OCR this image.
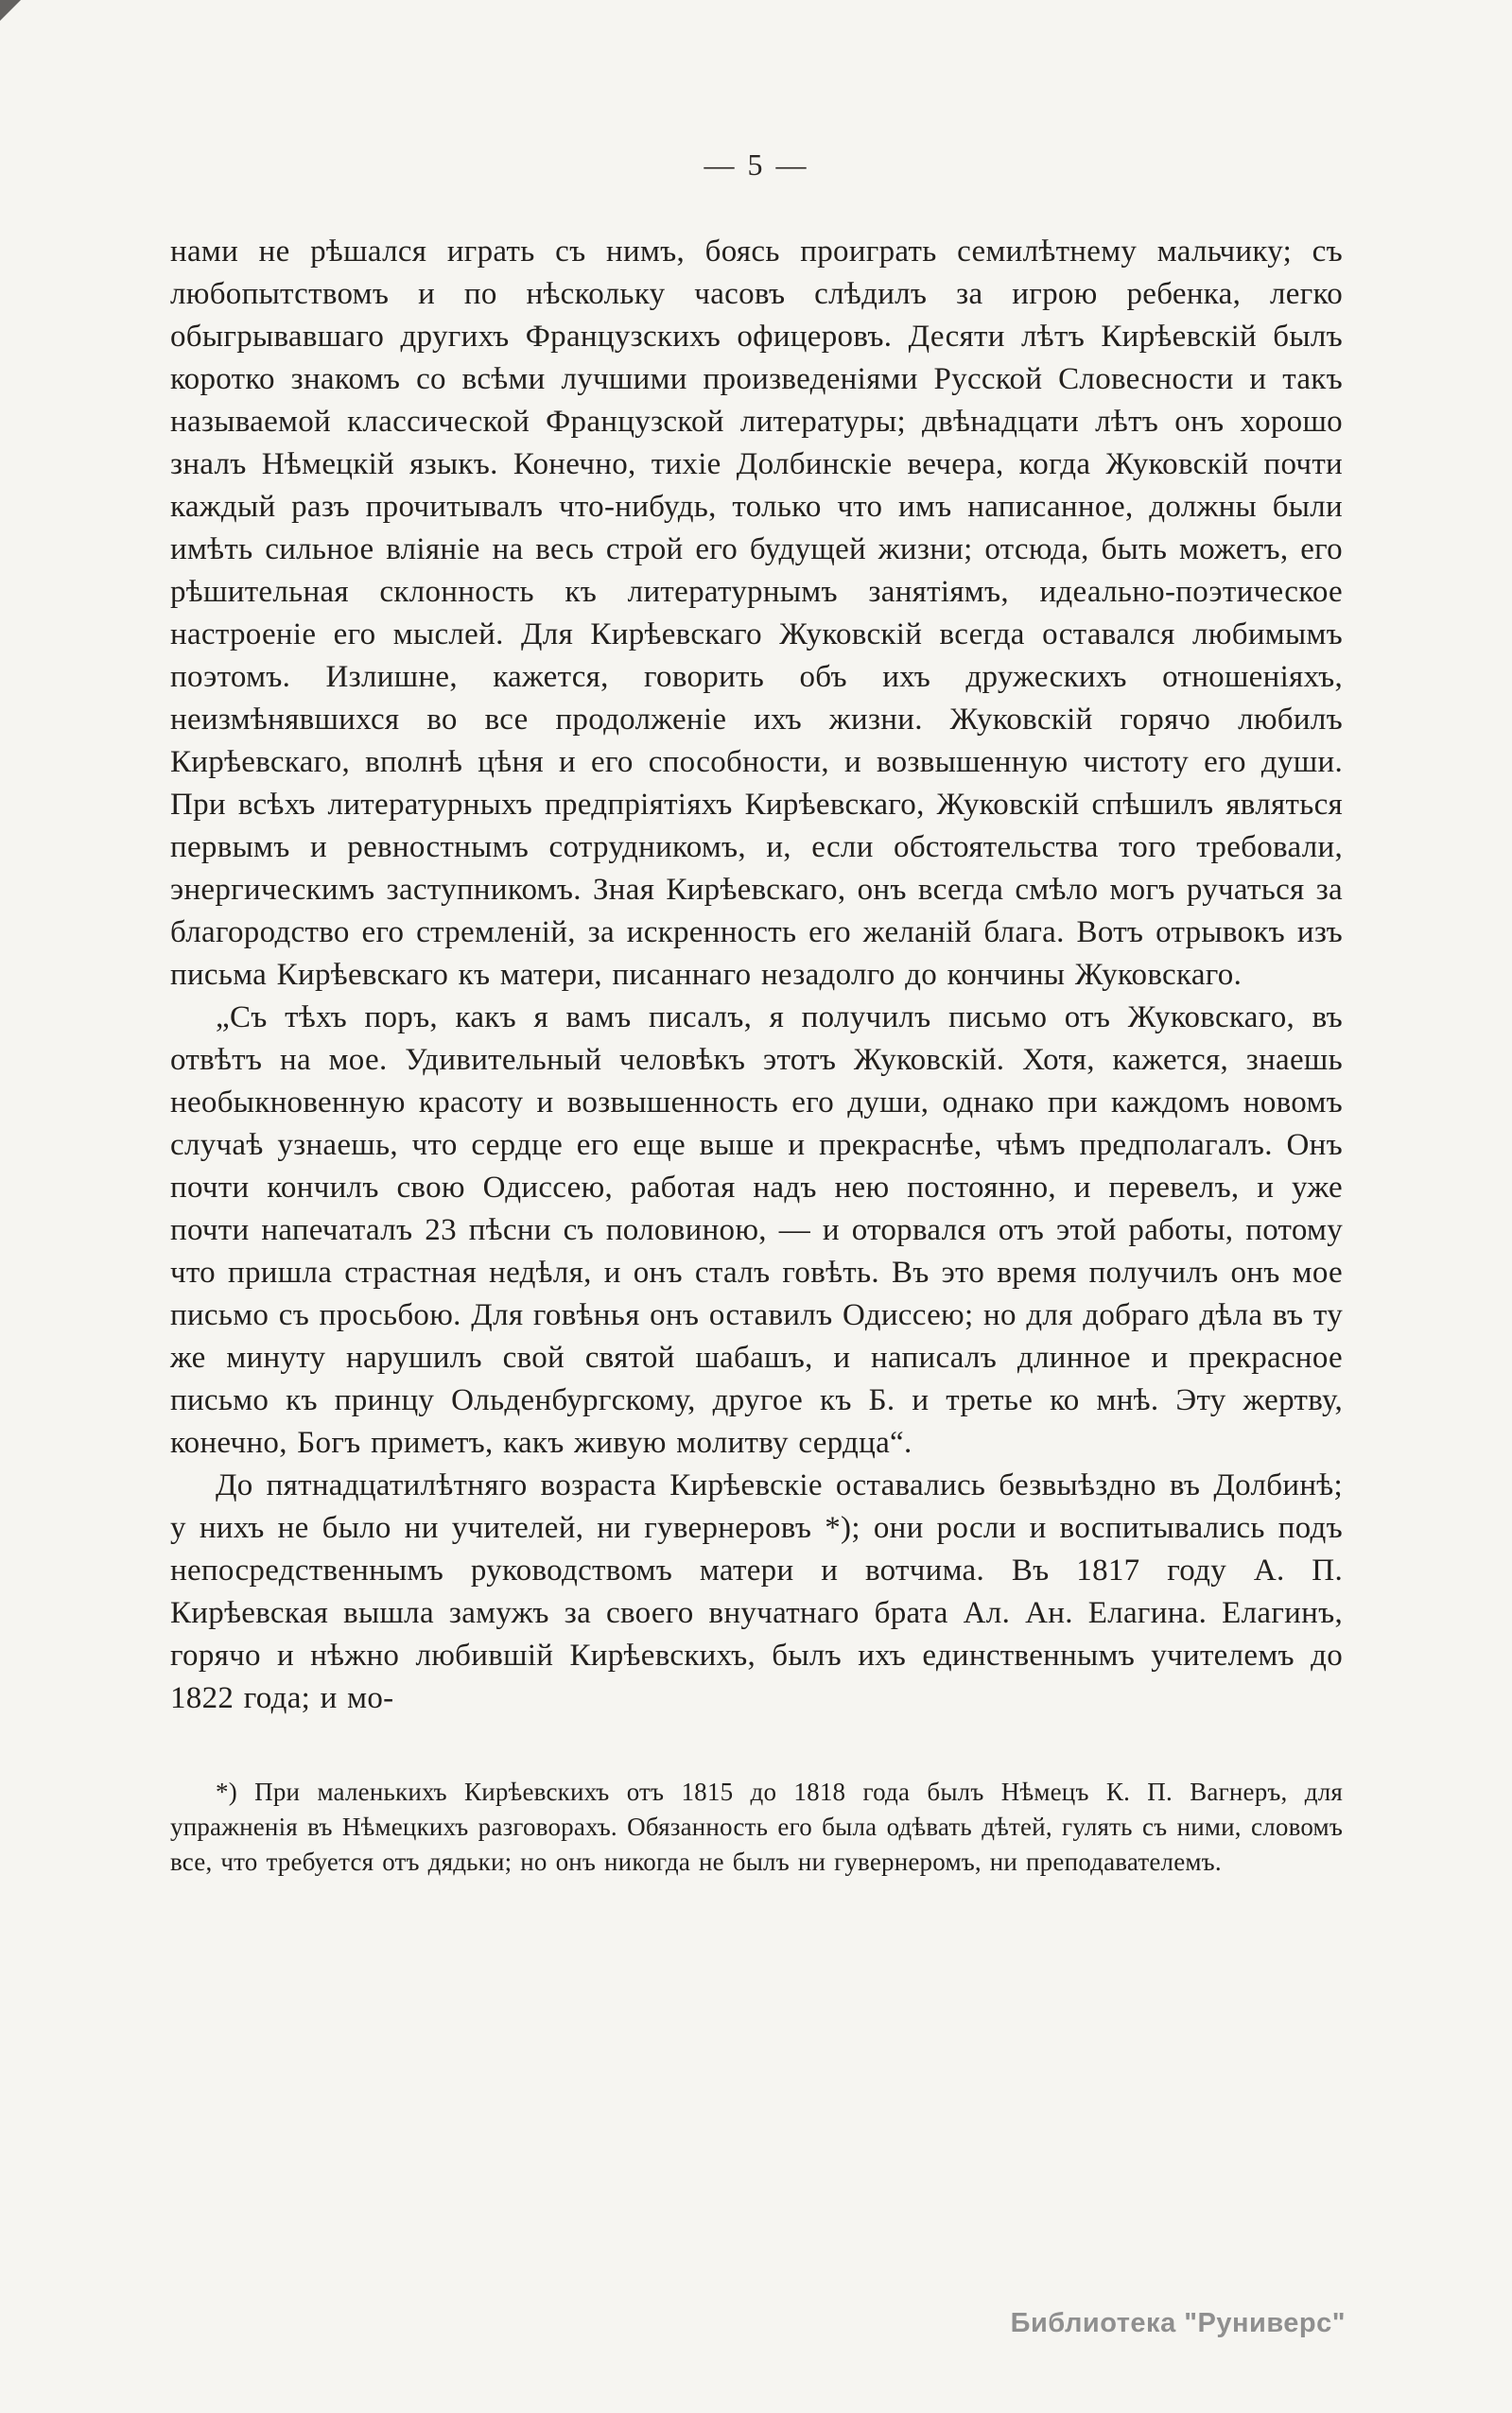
— 5 —

нами не рѣшался играть съ нимъ, боясь проиграть семилѣтнему мальчику; съ любопытствомъ и по нѣскольку часовъ слѣдилъ за игрою ребенка, легко обыгрывавшаго другихъ Французскихъ офицеровъ. Десяти лѣтъ Кирѣевскій былъ коротко знакомъ со всѣми лучшими произведеніями Русской Словесности и такъ называемой классической Французской литературы; двѣнадцати лѣтъ онъ хорошо зналъ Нѣмецкій языкъ. Конечно, тихіе Долбинскіе вечера, когда Жуковскій почти каждый разъ прочитывалъ что-нибудь, только что имъ написанное, должны были имѣть сильное вліяніе на весь строй его будущей жизни; отсюда, быть можетъ, его рѣшительная склонность къ литературнымъ занятіямъ, идеально-поэтическое настроеніе его мыслей. Для Кирѣевскаго Жуковскій всегда оставался любимымъ поэтомъ. Излишне, кажется, говорить объ ихъ дружескихъ отношеніяхъ, неизмѣнявшихся во все продолженіе ихъ жизни. Жуковскій горячо любилъ Кирѣевскаго, вполнѣ цѣня и его способности, и возвышенную чистоту его души. При всѣхъ литературныхъ предпріятіяхъ Кирѣевскаго, Жуковскій спѣшилъ являться первымъ и ревностнымъ сотрудникомъ, и, если обстоятельства того требовали, энергическимъ заступникомъ. Зная Кирѣевскаго, онъ всегда смѣло могъ ручаться за благородство его стремленій, за искренность его желаній блага. Вотъ отрывокъ изъ письма Кирѣевскаго къ матери, писаннаго незадолго до кончины Жуковскаго.

„Съ тѣхъ поръ, какъ я вамъ писалъ, я получилъ письмо отъ Жуковскаго, въ отвѣтъ на мое. Удивительный человѣкъ этотъ Жуковскій. Хотя, кажется, знаешь необыкновенную красоту и возвышенность его души, однако при каждомъ новомъ случаѣ узнаешь, что сердце его еще выше и прекраснѣе, чѣмъ предполагалъ. Онъ почти кончилъ свою Одиссею, работая надъ нею постоянно, и перевелъ, и уже почти напечаталъ 23 пѣсни съ половиною, — и оторвался отъ этой работы, потому что пришла страстная недѣля, и онъ сталъ говѣть. Въ это время получилъ онъ мое письмо съ просьбою. Для говѣнья онъ оставилъ Одиссею; но для добраго дѣла въ ту же минуту нарушилъ свой святой шабашъ, и написалъ длинное и прекрасное письмо къ принцу Ольденбургскому, другое къ Б. и третье ко мнѣ. Эту жертву, конечно, Богъ приметъ, какъ живую молитву сердца“.

До пятнадцатилѣтняго возраста Кирѣевскіе оставались безвыѣздно въ Долбинѣ; у нихъ не было ни учителей, ни гувернеровъ *); они росли и воспитывались подъ непосредственнымъ руководствомъ матери и вотчима. Въ 1817 году А. П. Кирѣевская вышла замужъ за своего внучатнаго брата Ал. Ан. Елагина. Елагинъ, горячо и нѣжно любившій Кирѣевскихъ, былъ ихъ единственнымъ учителемъ до 1822 года; и мо-

*) При маленькихъ Кирѣевскихъ отъ 1815 до 1818 года былъ Нѣмецъ К. П. Вагнеръ, для упражненія въ Нѣмецкихъ разговорахъ. Обязанность его была одѣвать дѣтей, гулять съ ними, словомъ все, что требуется отъ дядьки; но онъ никогда не былъ ни гувернеромъ, ни преподавателемъ.
Библиотека "Руниверс"
